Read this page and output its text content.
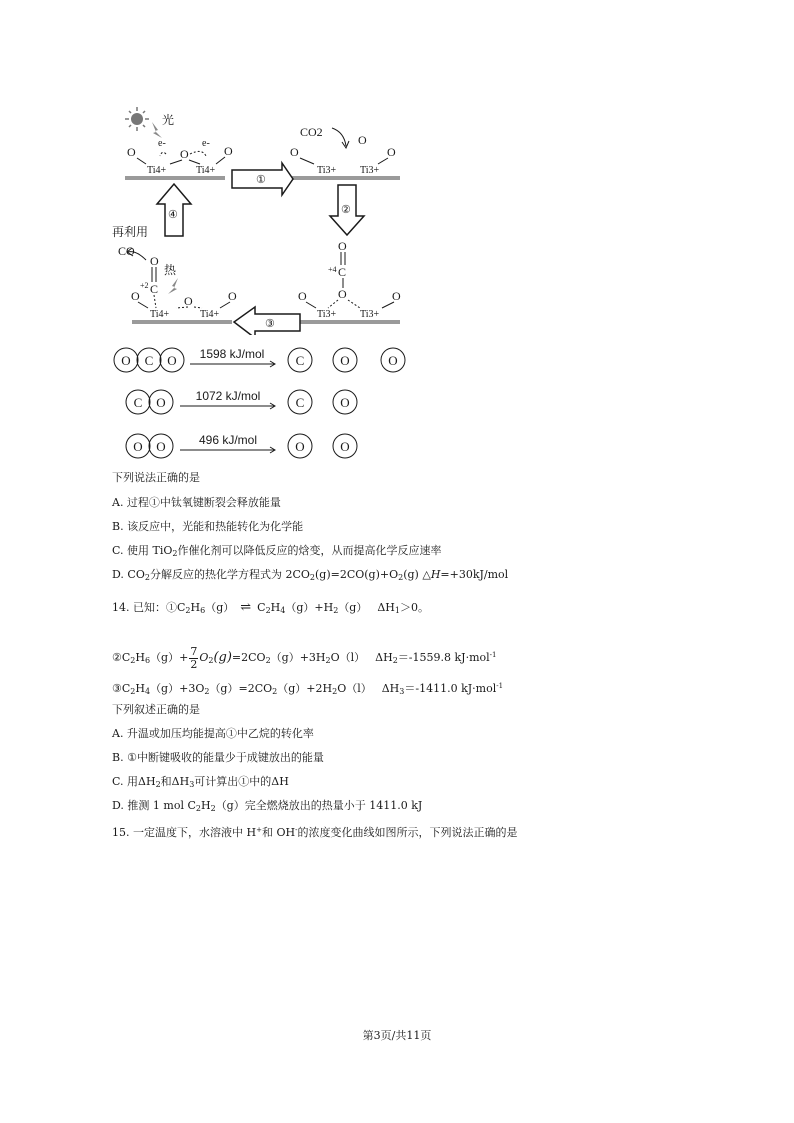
光
O	O	O
e-	e-
Ti4+	Ti4+
CO2
O
O	O
Ti3+ Ti3+
①
②
④
O
+4 C
O
O	O
Ti3+ Ti3+
③
再利用
CO
O
热
+2 C
O	O	O
Ti4+	Ti4+
O C O	C	O	O
C O	C	O
O O	O	O
1598 kJ/mol
1072 kJ/mol
496 kJ/mol
下列说法正确的是
A. 过程①中钛氧键断裂会释放能量
B. 该反应中，光能和热能转化为化学能
C. 使用 TiO$_2$作催化剂可以降低反应的焓变，从而提高化学反应速率
D. $CO_2$分解反应的热化学方程式为 $2CO_2(g)=2CO(g)+O_2(g)$ △H=+30kJ/mol
14. 已知：$①C_2H_6(g)$ ⇌ $C_2H_4(g)+H_2(g)$ $\Delta H_1>0$。
$②C_2H_6(g)+ \frac{7}{2} O_2(g)=2CO_2(g)+3H_2O(l)$ $\Delta H_2=-1559.8$ kJ·mol$^{-1}$
$③C_2H_4(g)+3O_2(g)=2CO_2(g)+2H_2O(l)$ $\Delta H_3=-1411.0$ kJ·mol$^{-1}$
下列叙述正确的是
A. 升温或加压均能提高①中乙烷的转化率
B. ①中断键吸收的能量少于成键放出的能量
C. 用$\Delta H_2$和$\Delta H_3$可计算出①中的ΔH
D. 推测 1 mol $C_2H_2(g)$完全燃烧放出的热量小于 1411.0 kJ
15. 一定温度下，水溶液中 H+和 OH-的浓度变化曲线如图所示，下列说法正确的是
第3页/共11页
